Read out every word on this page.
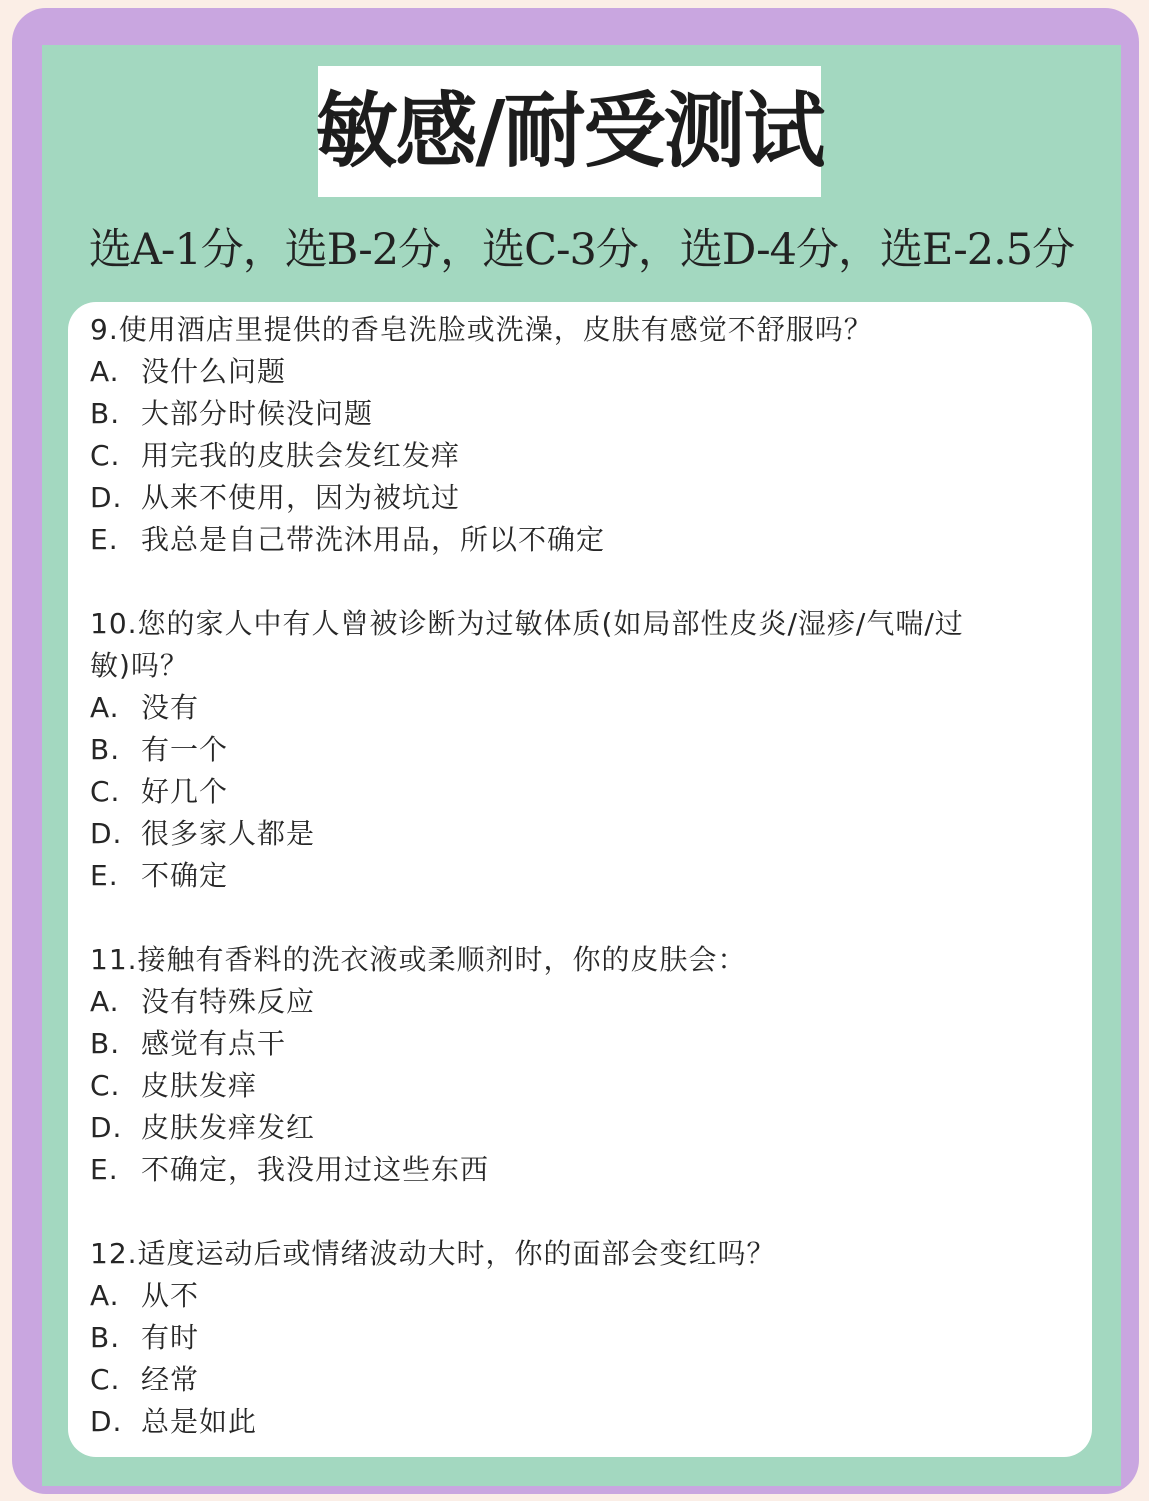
敏感/耐受测试
选A-1分，选B-2分，选C-3分，选D-4分，选E-2.5分
9.使用酒店里提供的香皂洗脸或洗澡，皮肤有感觉不舒服吗？
A. 没什么问题
B. 大部分时候没问题
C. 用完我的皮肤会发红发痒
D. 从来不使用，因为被坑过
E. 我总是自己带洗沐用品，所以不确定
10.您的家人中有人曾被诊断为过敏体质(如局部性皮炎/湿疹/气喘/过
敏)吗？
A. 没有
B. 有一个
C. 好几个
D. 很多家人都是
E. 不确定
11.接触有香料的洗衣液或柔顺剂时，你的皮肤会：
A. 没有特殊反应
B. 感觉有点干
C. 皮肤发痒
D. 皮肤发痒发红
E. 不确定，我没用过这些东西
12.适度运动后或情绪波动大时，你的面部会变红吗？
A. 从不
B. 有时
C. 经常
D. 总是如此
